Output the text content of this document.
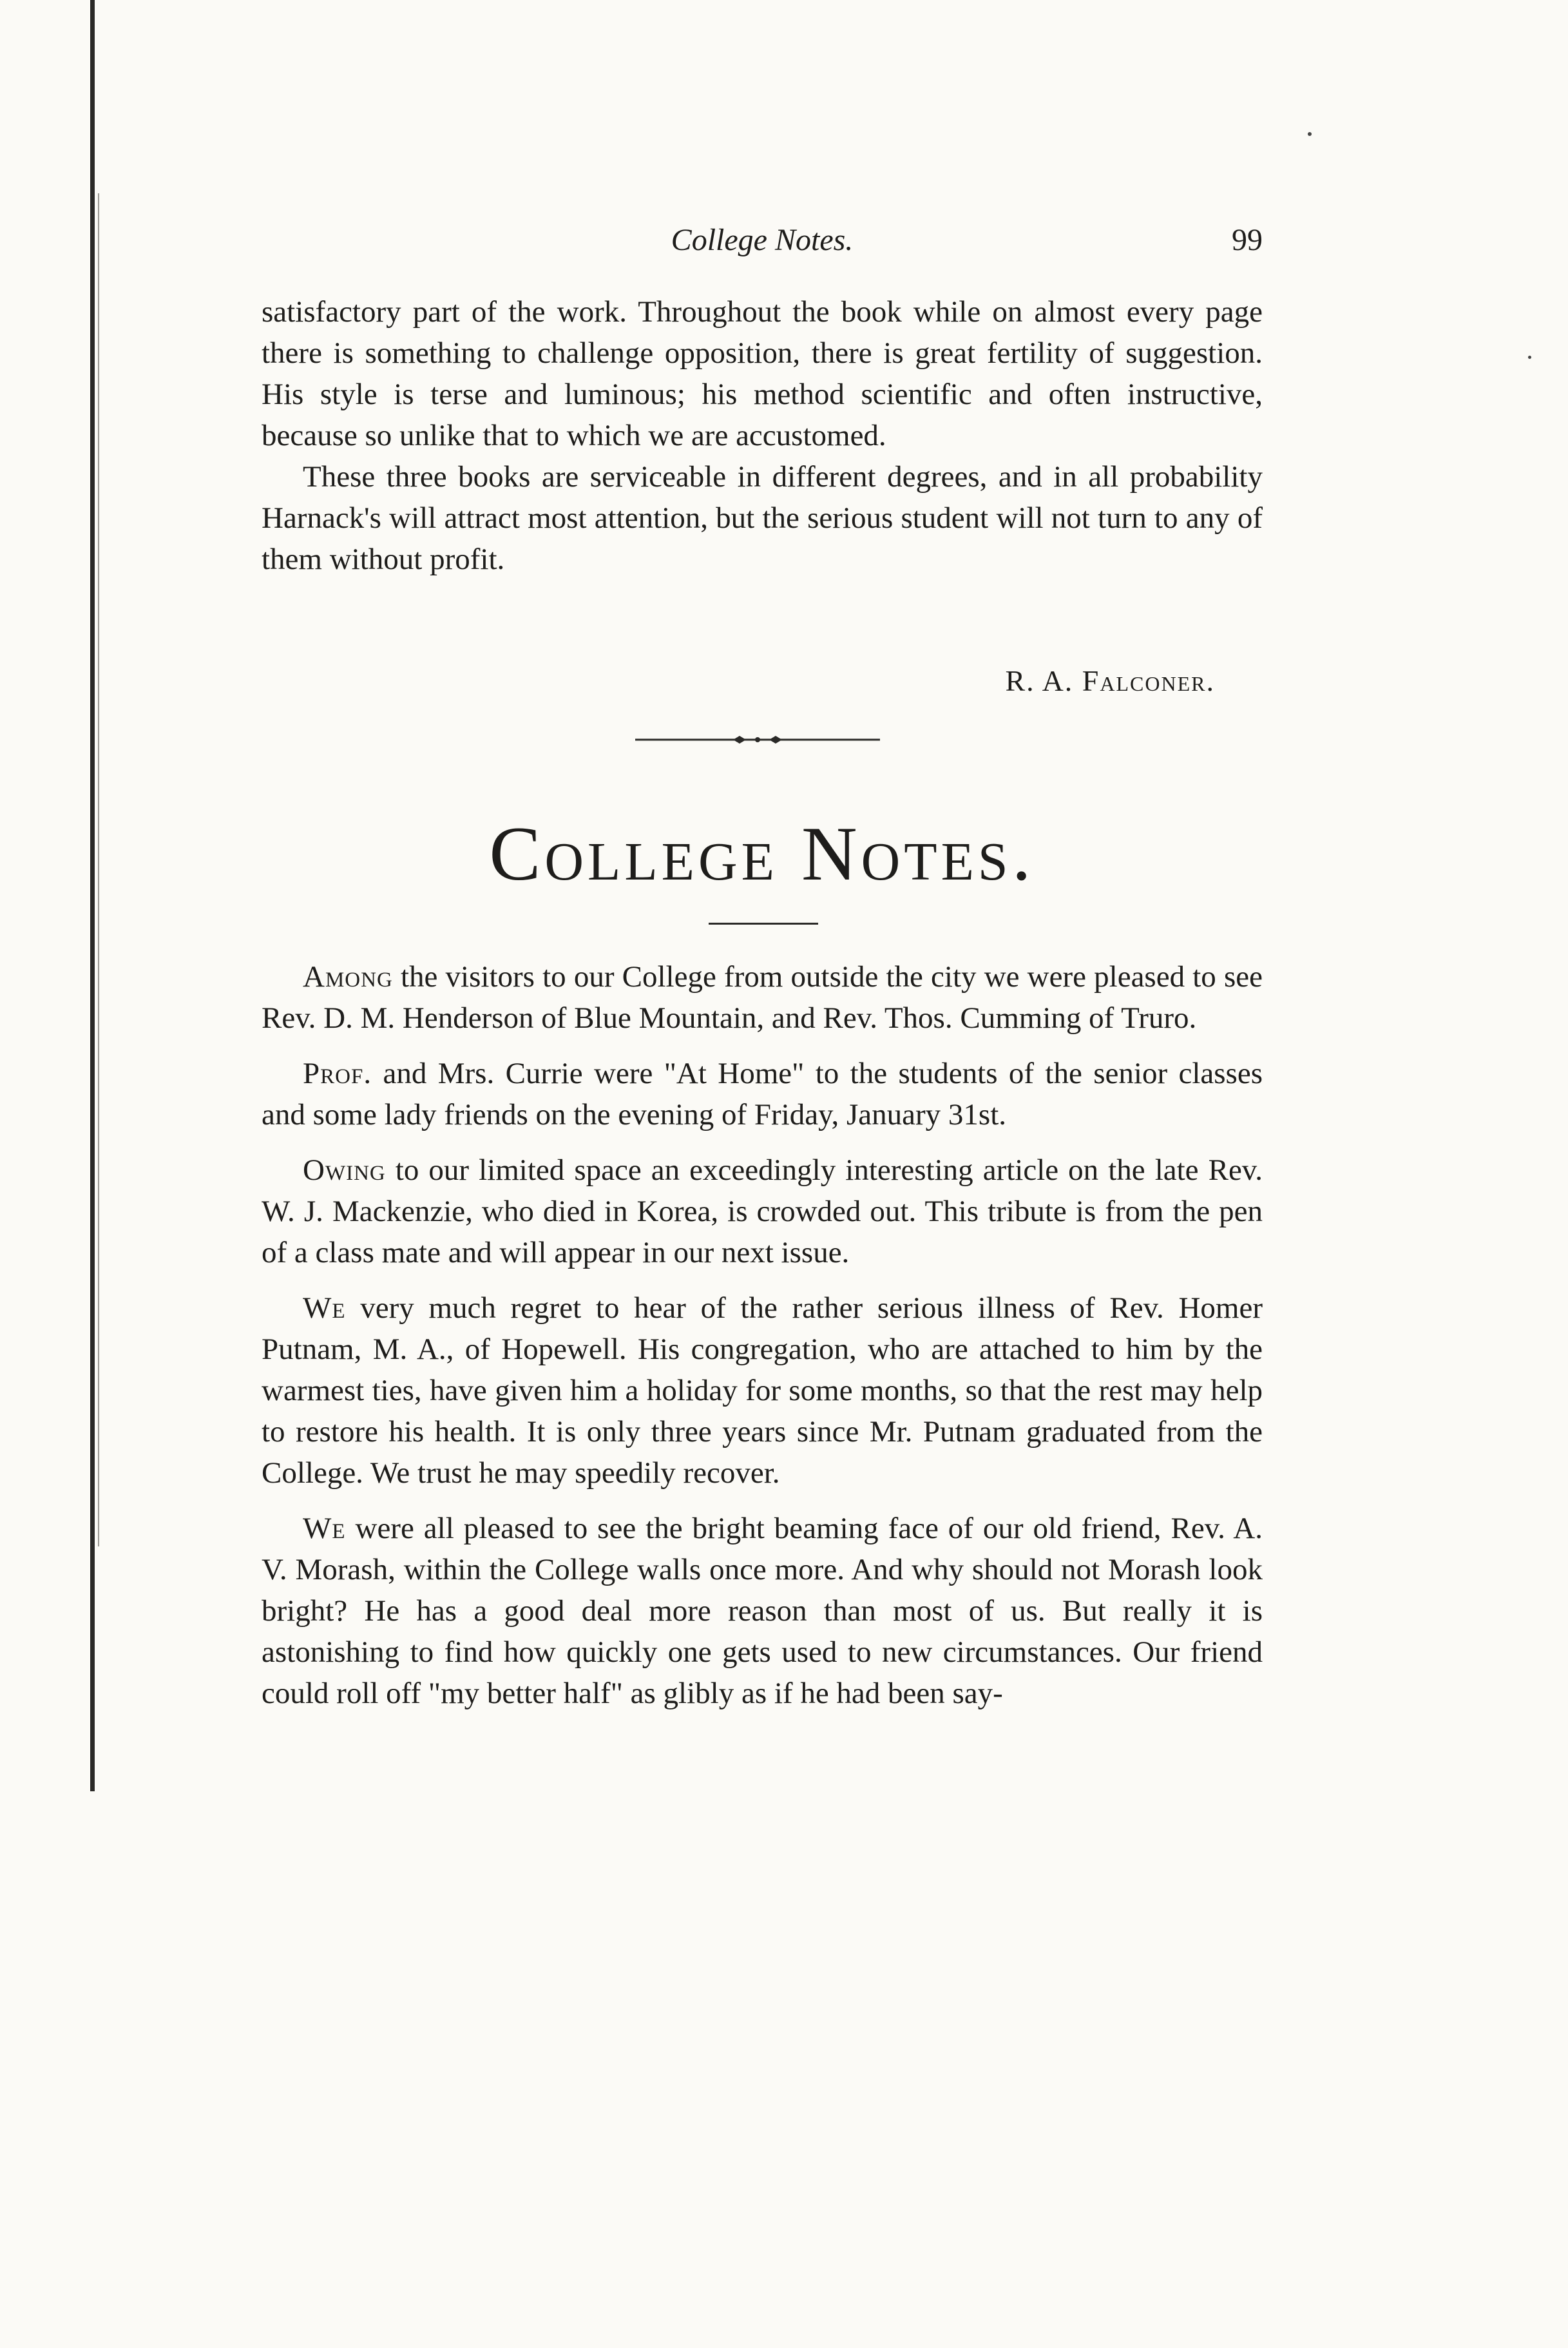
College Notes.	99

satisfactory part of the work. Throughout the book while on almost every page there is something to challenge opposition, there is great fertility of suggestion. His style is terse and luminous; his method scientific and often instructive, because so unlike that to which we are accustomed.

These three books are serviceable in different degrees, and in all probability Harnack's will attract most attention, but the serious student will not turn to any of them without profit.

R. A. Falconer.
College Notes.

Among the visitors to our College from outside the city we were pleased to see Rev. D. M. Henderson of Blue Mountain, and Rev. Thos. Cumming of Truro.

Prof. and Mrs. Currie were "At Home" to the students of the senior classes and some lady friends on the evening of Friday, January 31st.

Owing to our limited space an exceedingly interesting article on the late Rev. W. J. Mackenzie, who died in Korea, is crowded out. This tribute is from the pen of a class mate and will appear in our next issue.

We very much regret to hear of the rather serious illness of Rev. Homer Putnam, M. A., of Hopewell. His congregation, who are attached to him by the warmest ties, have given him a holiday for some months, so that the rest may help to restore his health. It is only three years since Mr. Putnam graduated from the College. We trust he may speedily recover.

We were all pleased to see the bright beaming face of our old friend, Rev. A. V. Morash, within the College walls once more. And why should not Morash look bright? He has a good deal more reason than most of us. But really it is astonishing to find how quickly one gets used to new circumstances. Our friend could roll off "my better half" as glibly as if he had been say-
